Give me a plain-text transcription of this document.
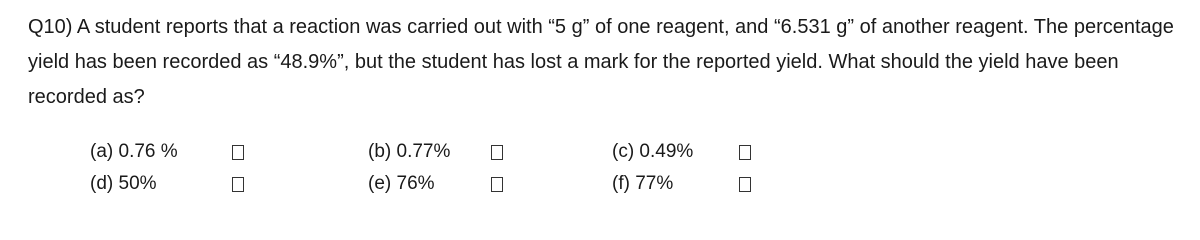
Q10) A student reports that a reaction was carried out with “5 g” of one reagent, and “6.531 g” of another reagent. The percentage yield has been recorded as “48.9%”, but the student has lost a mark for the reported yield. What should the yield have been recorded as?

(a) 0.76 %	(b) 0.77%	(c) 0.49%
(d) 50%	(e) 76%	(f) 77%
